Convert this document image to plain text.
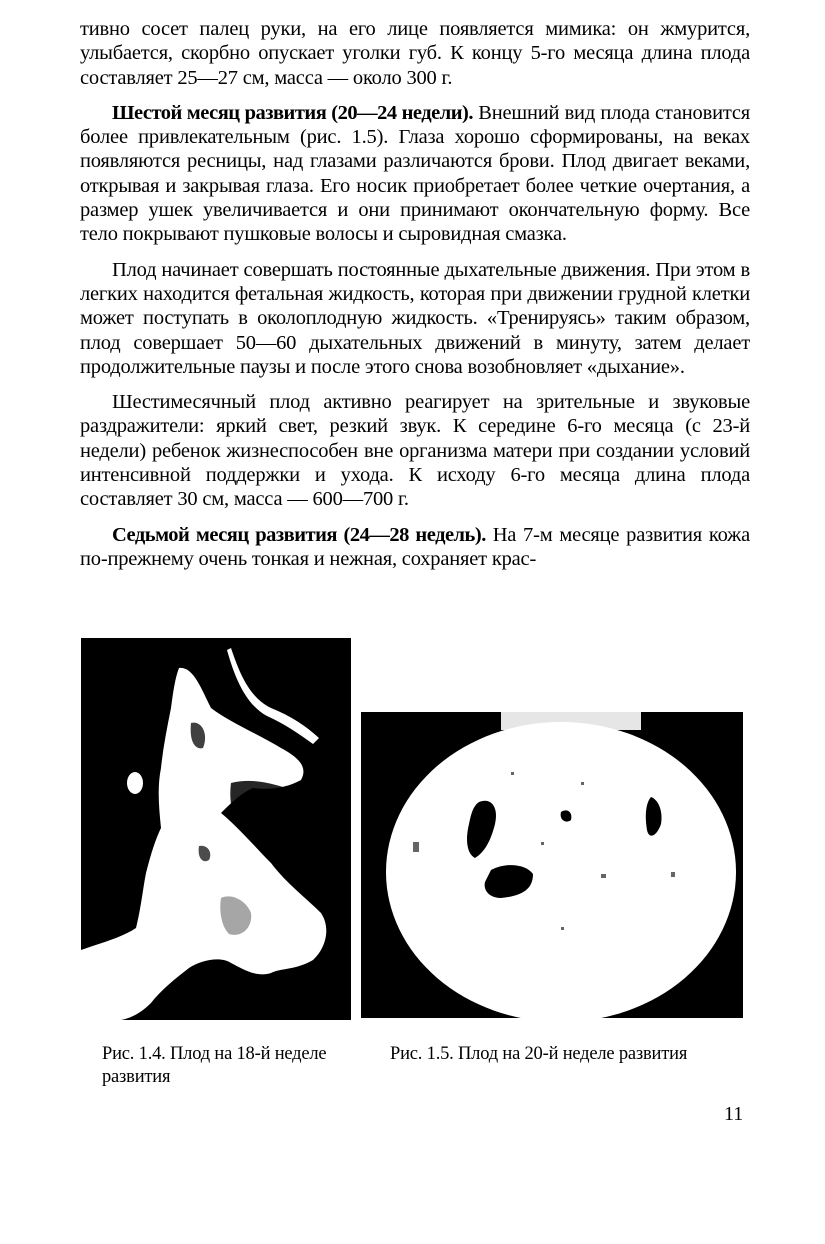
тивно сосет палец руки, на его лице появляется мимика: он жмурится, улыбается, скорбно опускает уголки губ. К концу 5-го месяца длина плода составляет 25—27 см, масса — около 300 г.

Шестой месяц развития (20—24 недели). Внешний вид плода становится более привлекательным (рис. 1.5). Глаза хорошо сформированы, на веках появляются ресницы, над глазами различаются брови. Плод двигает веками, открывая и закрывая глаза. Его носик приобретает более четкие очертания, а размер ушек увеличивается и они принимают окончательную форму. Все тело покрывают пушковые волосы и сыровидная смазка.

Плод начинает совершать постоянные дыхательные движения. При этом в легких находится фетальная жидкость, которая при движении грудной клетки может поступать в околоплодную жидкость. «Тренируясь» таким образом, плод совершает 50—60 дыхательных движений в минуту, затем делает продолжительные паузы и после этого снова возобновляет «дыхание».

Шестимесячный плод активно реагирует на зрительные и звуковые раздражители: яркий свет, резкий звук. К середине 6-го месяца (с 23-й недели) ребенок жизнеспособен вне организма матери при создании условий интенсивной поддержки и ухода. К исходу 6-го месяца длина плода составляет 30 см, масса — 600—700 г.

Седьмой месяц развития (24—28 недель). На 7-м месяце развития кожа по-прежнему очень тонкая и нежная, сохраняет крас-

Рис. 1.4. Плод на 18-й неделе развития
Рис. 1.5. Плод на 20-й неделе развития
11
